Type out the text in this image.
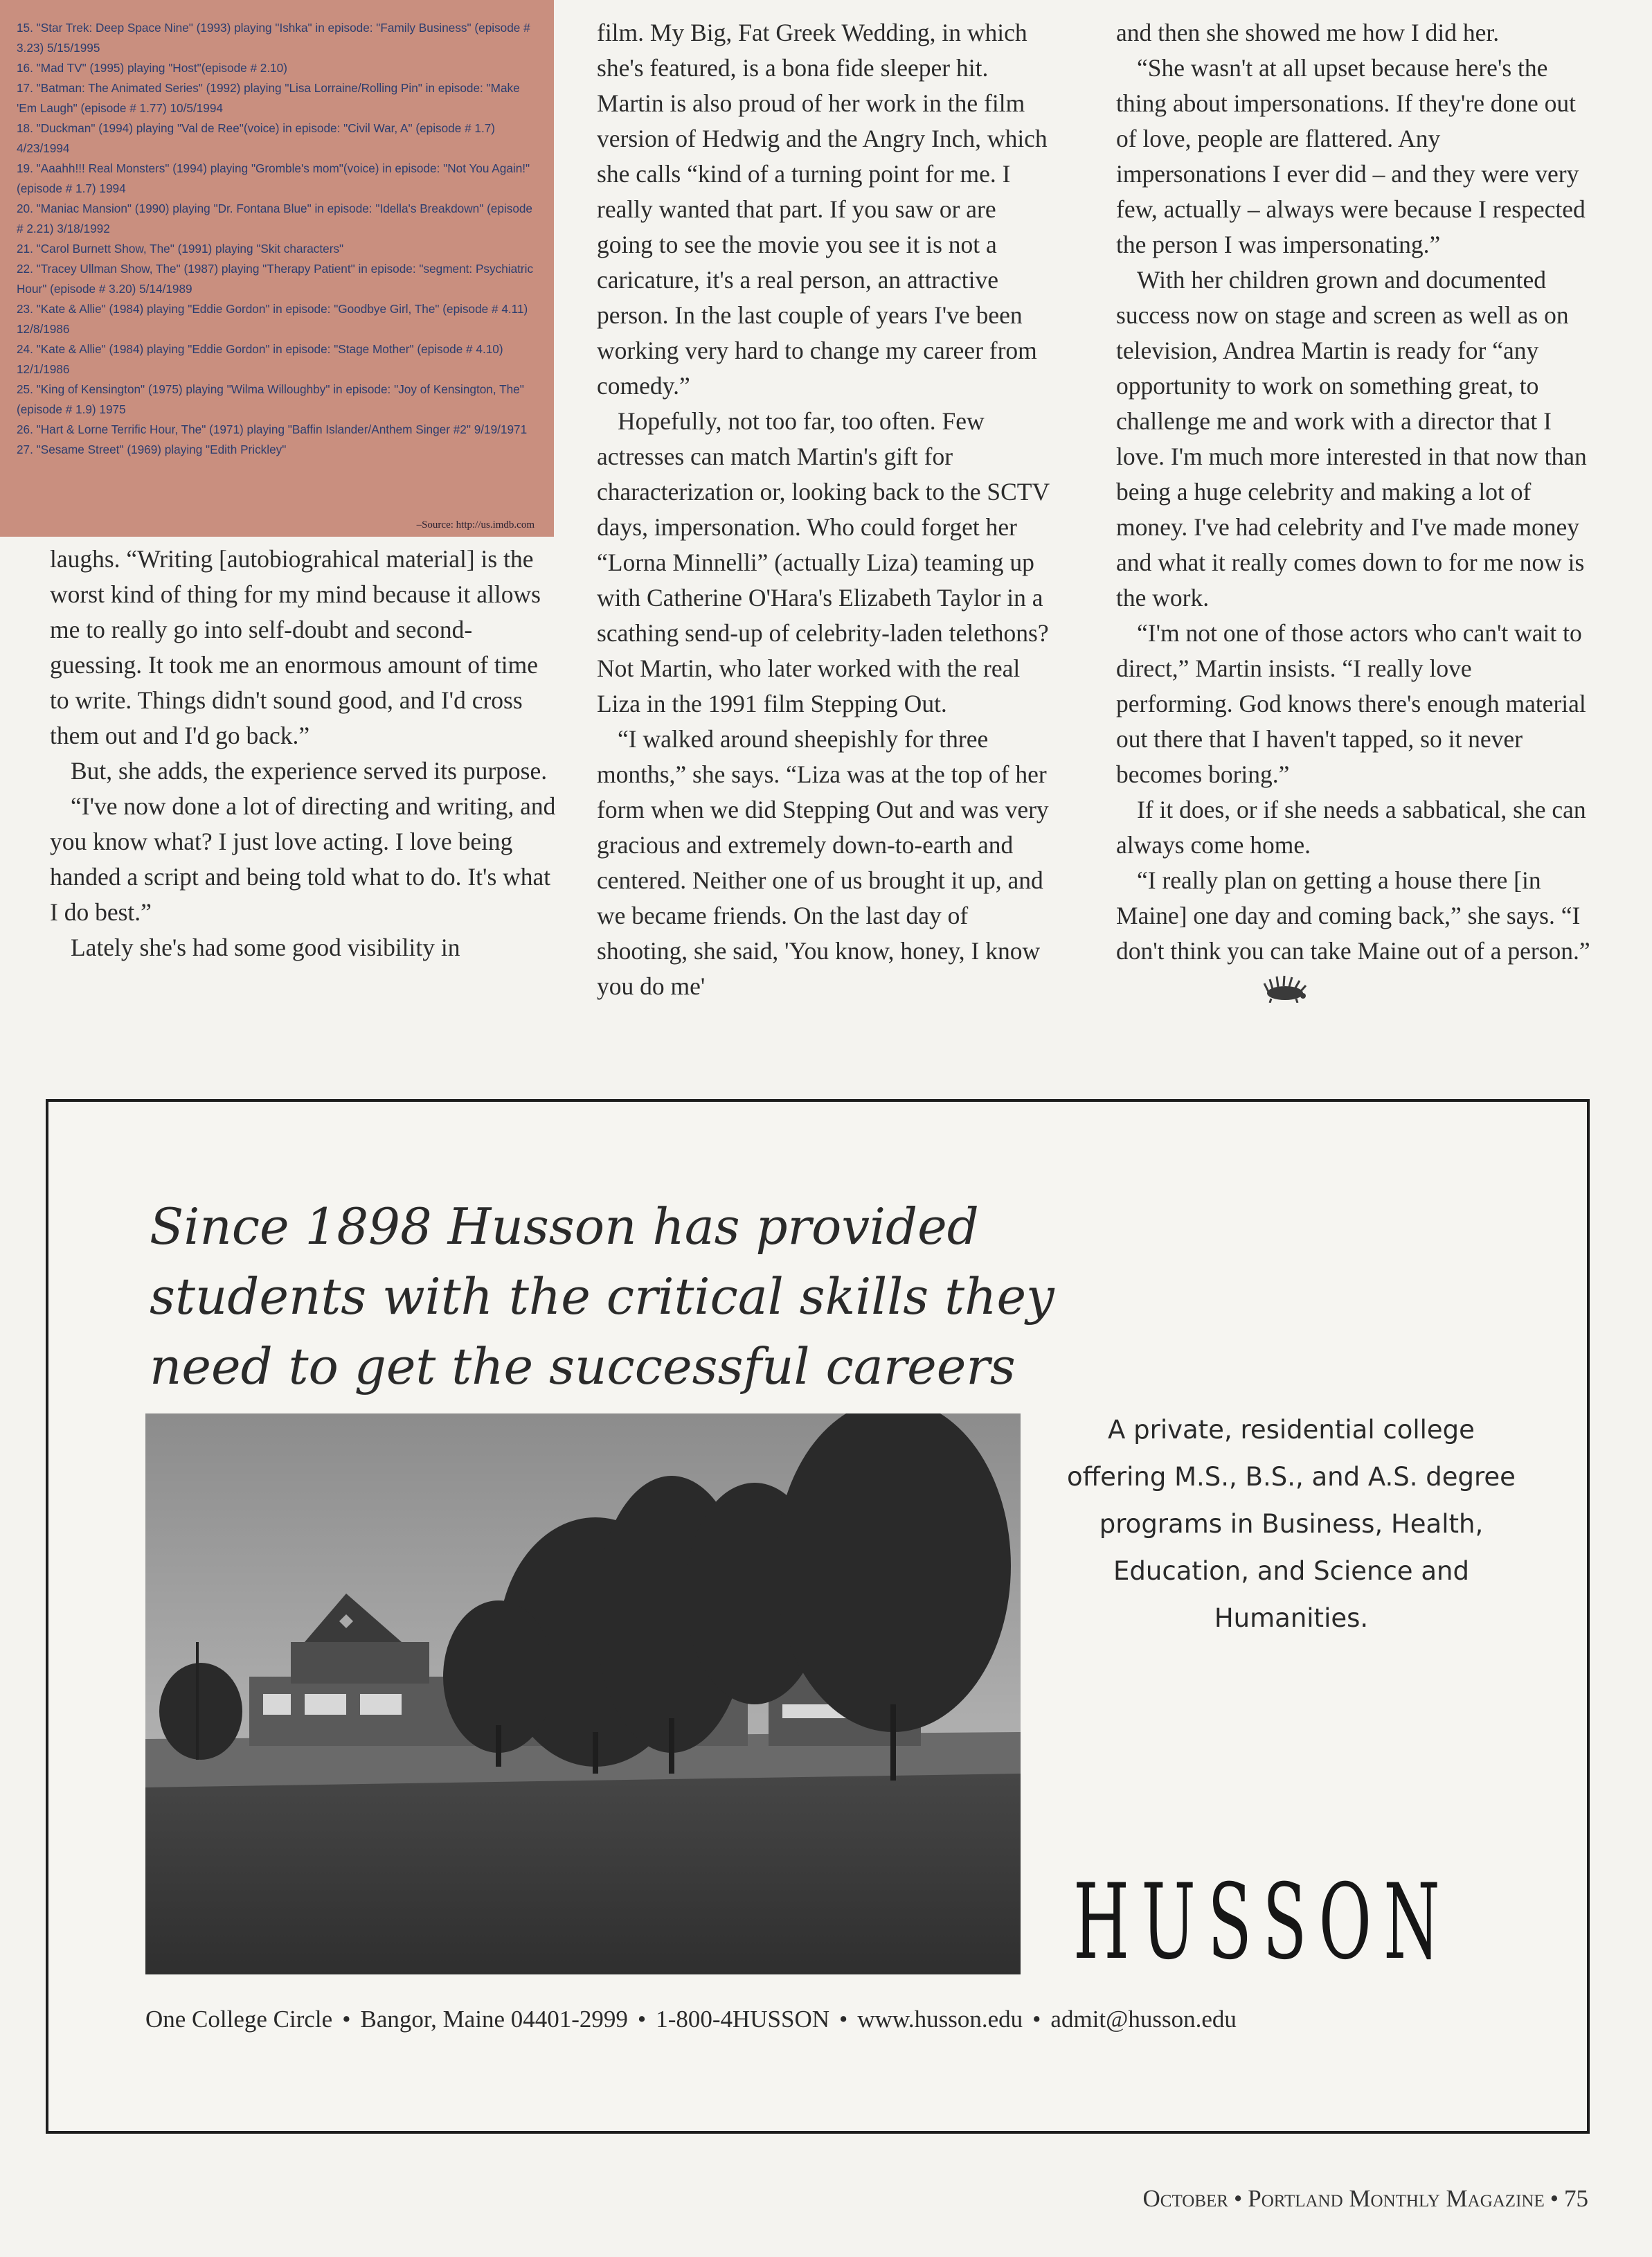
15. "Star Trek: Deep Space Nine" (1993) playing "Ishka" in episode: "Family Business" (episode # 3.23) 5/15/1995
16. "Mad TV" (1995) playing "Host"(episode # 2.10)
17. "Batman: The Animated Series" (1992) playing "Lisa Lorraine/Rolling Pin" in episode: "Make 'Em Laugh" (episode # 1.77) 10/5/1994
18. "Duckman" (1994) playing "Val de Ree"(voice) in episode: "Civil War, A" (episode # 1.7) 4/23/1994
19. "Aaahh!!! Real Monsters" (1994) playing "Gromble's mom"(voice) in episode: "Not You Again!" (episode # 1.7) 1994
20. "Maniac Mansion" (1990) playing "Dr. Fontana Blue" in episode: "Idella's Breakdown" (episode # 2.21) 3/18/1992
21. "Carol Burnett Show, The" (1991) playing "Skit characters"
22. "Tracey Ullman Show, The" (1987) playing "Therapy Patient" in episode: "segment: Psychiatric Hour" (episode # 3.20) 5/14/1989
23. "Kate & Allie" (1984) playing "Eddie Gordon" in episode: "Goodbye Girl, The" (episode # 4.11) 12/8/1986
24. "Kate & Allie" (1984) playing "Eddie Gordon" in episode: "Stage Mother" (episode # 4.10) 12/1/1986
25. "King of Kensington" (1975) playing "Wilma Willoughby" in episode: "Joy of Kensington, The" (episode # 1.9) 1975
26. "Hart & Lorne Terrific Hour, The" (1971) playing "Baffin Islander/Anthem Singer #2" 9/19/1971
27. "Sesame Street" (1969) playing "Edith Prickley"
–Source: http://us.imdb.com

laughs. “Writing [autobiograhical material] is the worst kind of thing for my mind because it allows me to really go into self-doubt and second-guessing. It took me an enormous amount of time to write. Things didn't sound good, and I'd cross them out and I'd go back.”

But, she adds, the experience served its purpose.

“I've now done a lot of directing and writing, and you know what? I just love acting. I love being handed a script and being told what to do. It's what I do best.”

Lately she's had some good visibility in

film. My Big, Fat Greek Wedding, in which she's featured, is a bona fide sleeper hit. Martin is also proud of her work in the film version of Hedwig and the Angry Inch, which she calls “kind of a turning point for me. I really wanted that part. If you saw or are going to see the movie you see it is not a caricature, it's a real person, an attractive person. In the last couple of years I've been working very hard to change my career from comedy.”

Hopefully, not too far, too often. Few actresses can match Martin's gift for characterization or, looking back to the SCTV days, impersonation. Who could forget her “Lorna Minnelli” (actually Liza) teaming up with Catherine O'Hara's Elizabeth Taylor in a scathing send-up of celebrity-laden telethons? Not Martin, who later worked with the real Liza in the 1991 film Stepping Out.

“I walked around sheepishly for three months,” she says. “Liza was at the top of her form when we did Stepping Out and was very gracious and extremely down-to-earth and centered. Neither one of us brought it up, and we became friends. On the last day of shooting, she said, 'You know, honey, I know you do me'

and then she showed me how I did her.

“She wasn't at all upset because here's the thing about impersonations. If they're done out of love, people are flattered. Any impersonations I ever did – and they were very few, actually – always were because I respected the person I was impersonating.”

With her children grown and documented success now on stage and screen as well as on television, Andrea Martin is ready for “any opportunity to work on something great, to challenge me and work with a director that I love. I'm much more interested in that now than being a huge celebrity and making a lot of money. I've had celebrity and I've made money and what it really comes down to for me now is the work.

“I'm not one of those actors who can't wait to direct,” Martin insists. “I really love performing. God knows there's enough material out there that I haven't tapped, so it never becomes boring.”

If it does, or if she needs a sabbatical, she can always come home.

“I really plan on getting a house there [in Maine] one day and coming back,” she says. “I don't think you can take Maine out of a person.”

Since 1898 Husson has provided students with the critical skills they need to get the successful careers

A private, residential college offering M.S., B.S., and A.S. degree programs in Business, Health, Education, and Science and Humanities.

HUSSON
One College Circle • Bangor, Maine 04401-2999 • 1-800-4HUSSON • www.husson.edu • admit@husson.edu
October • Portland Monthly Magazine • 75
